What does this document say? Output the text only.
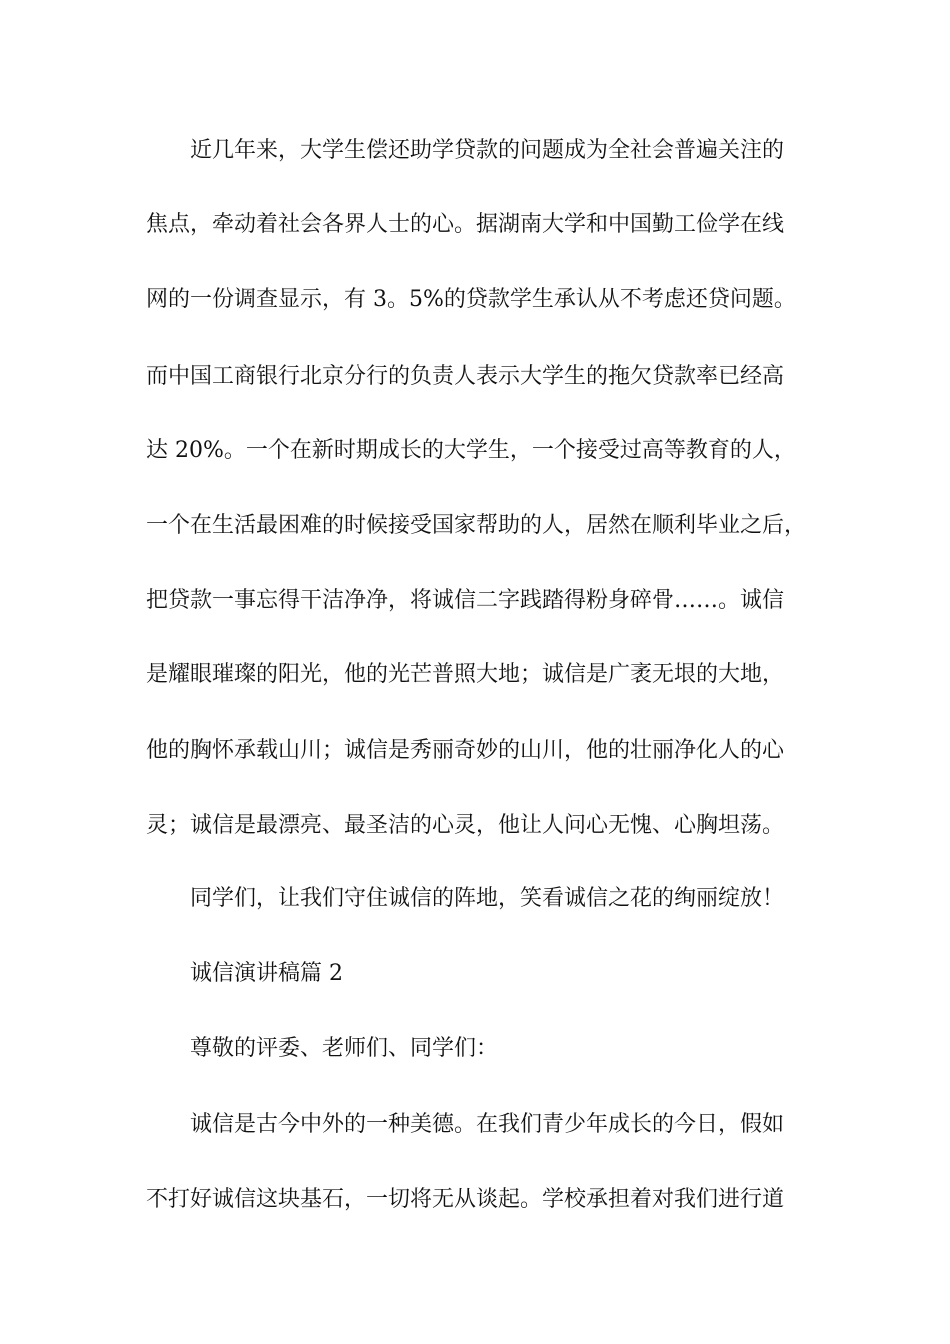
近几年来，大学生偿还助学贷款的问题成为全社会普遍关注的
焦点，牵动着社会各界人士的心。据湖南大学和中国勤工俭学在线
网的一份调查显示，有 3。5%的贷款学生承认从不考虑还贷问题。
而中国工商银行北京分行的负责人表示大学生的拖欠贷款率已经高
达 20%。一个在新时期成长的大学生，一个接受过高等教育的人，
一个在生活最困难的时候接受国家帮助的人，居然在顺利毕业之后，
把贷款一事忘得干洁净净，将诚信二字践踏得粉身碎骨……。诚信
是耀眼璀璨的阳光，他的光芒普照大地；诚信是广袤无垠的大地，
他的胸怀承载山川；诚信是秀丽奇妙的山川，他的壮丽净化人的心
灵；诚信是最漂亮、最圣洁的心灵，他让人问心无愧、心胸坦荡。
同学们，让我们守住诚信的阵地，笑看诚信之花的绚丽绽放！
诚信演讲稿篇 2
尊敬的评委、老师们、同学们：
诚信是古今中外的一种美德。在我们青少年成长的今日，假如
不打好诚信这块基石，一切将无从谈起。学校承担着对我们进行道
